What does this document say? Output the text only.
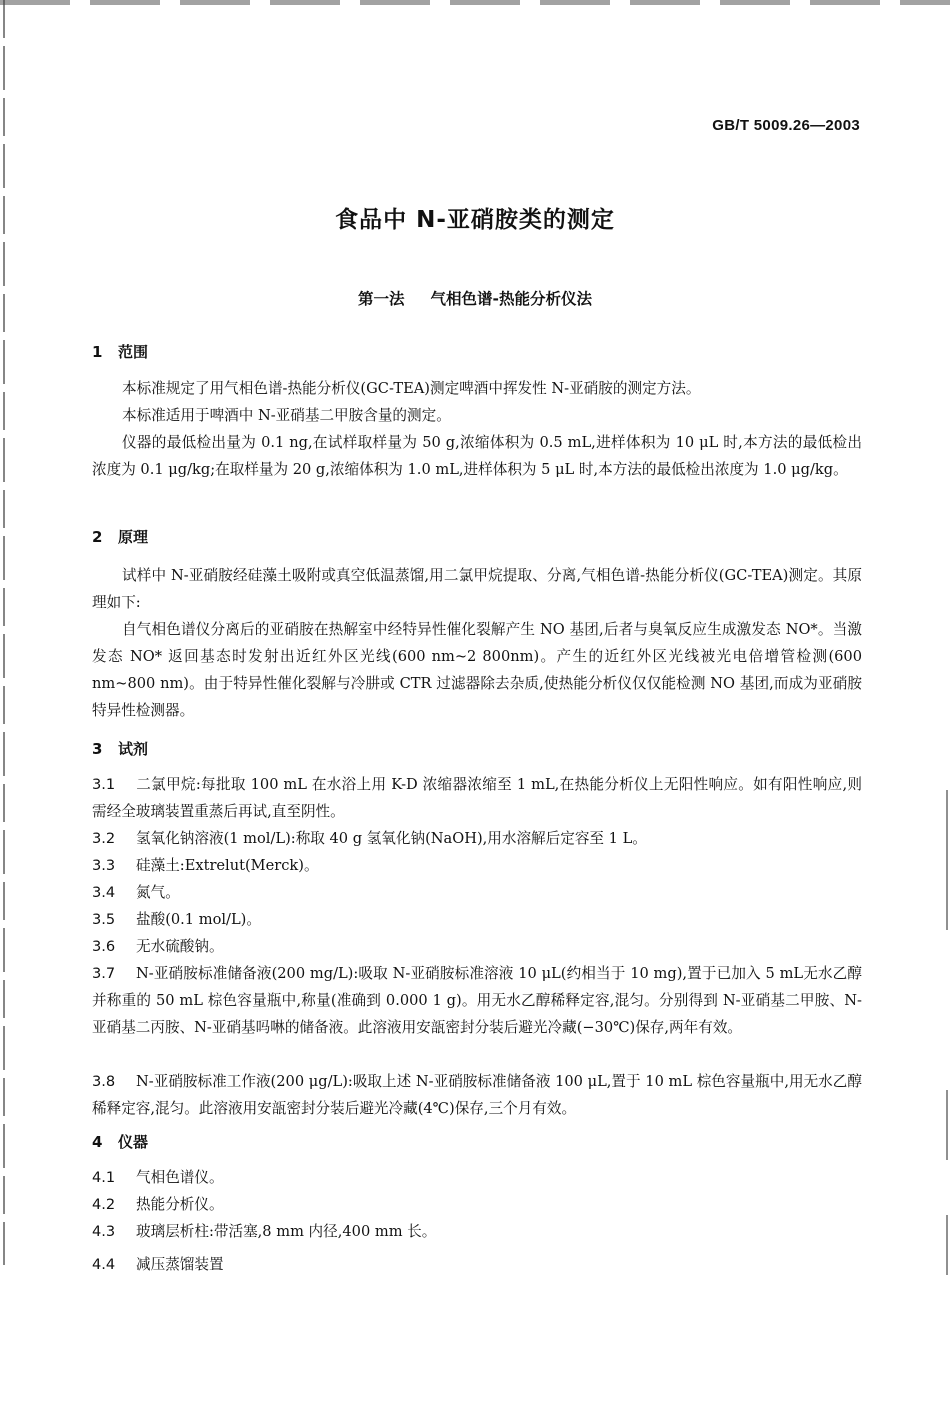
GB/T 5009.26—2003
食品中 N-亚硝胺类的测定
第一法 气相色谱-热能分析仪法
1 范围
本标准规定了用气相色谱-热能分析仪(GC-TEA)测定啤酒中挥发性 N-亚硝胺的测定方法。
本标准适用于啤酒中 N-亚硝基二甲胺含量的测定。
仪器的最低检出量为 0.1 ng,在试样取样量为 50 g,浓缩体积为 0.5 mL,进样体积为 10 μL 时,本方法的最低检出浓度为 0.1 μg/kg;在取样量为 20 g,浓缩体积为 1.0 mL,进样体积为 5 μL 时,本方法的最低检出浓度为 1.0 μg/kg。
2 原理
试样中 N-亚硝胺经硅藻土吸附或真空低温蒸馏,用二氯甲烷提取、分离,气相色谱-热能分析仪(GC-TEA)测定。其原理如下:
自气相色谱仪分离后的亚硝胺在热解室中经特异性催化裂解产生 NO 基团,后者与臭氧反应生成激发态 NO*。当激发态 NO* 返回基态时发射出近红外区光线(600 nm~2 800nm)。产生的近红外区光线被光电倍增管检测(600 nm~800 nm)。由于特异性催化裂解与冷肼或 CTR 过滤器除去杂质,使热能分析仪仅仅能检测 NO 基团,而成为亚硝胺特异性检测器。
3 试剂
3.1 二氯甲烷:每批取 100 mL 在水浴上用 K-D 浓缩器浓缩至 1 mL,在热能分析仪上无阳性响应。如有阳性响应,则需经全玻璃装置重蒸后再试,直至阴性。
3.2 氢氧化钠溶液(1 mol/L):称取 40 g 氢氧化钠(NaOH),用水溶解后定容至 1 L。
3.3 硅藻土:Extrelut(Merck)。
3.4 氮气。
3.5 盐酸(0.1 mol/L)。
3.6 无水硫酸钠。
3.7 N-亚硝胺标准储备液(200 mg/L):吸取 N-亚硝胺标准溶液 10 μL(约相当于 10 mg),置于已加入 5 mL无水乙醇并称重的 50 mL 棕色容量瓶中,称量(准确到 0.000 1 g)。用无水乙醇稀释定容,混匀。分别得到 N-亚硝基二甲胺、N-亚硝基二丙胺、N-亚硝基吗啉的储备液。此溶液用安瓿密封分装后避光冷藏(−30℃)保存,两年有效。
3.8 N-亚硝胺标准工作液(200 μg/L):吸取上述 N-亚硝胺标准储备液 100 μL,置于 10 mL 棕色容量瓶中,用无水乙醇稀释定容,混匀。此溶液用安瓿密封分装后避光冷藏(4℃)保存,三个月有效。
4 仪器
4.1 气相色谱仪。
4.2 热能分析仪。
4.3 玻璃层析柱:带活塞,8 mm 内径,400 mm 长。
4.4 减压蒸馏装置
